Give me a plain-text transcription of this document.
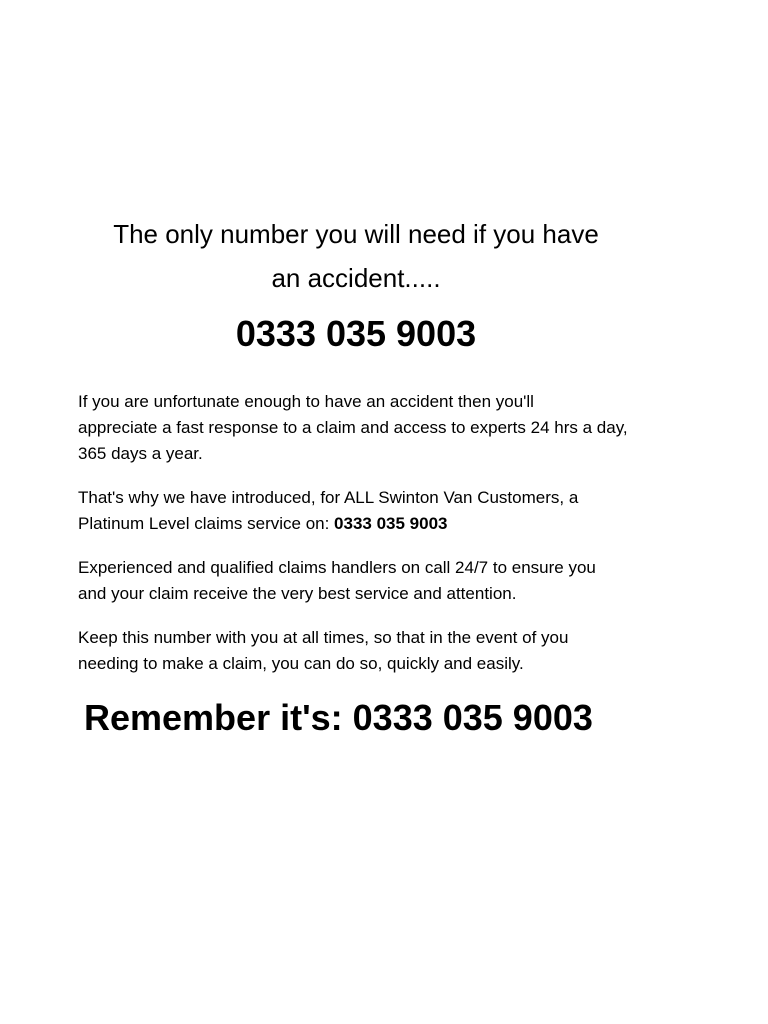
The only number you will need if you have
an accident.....
0333 035 9003

If you are unfortunate enough to have an accident then you'll
appreciate a fast response to a claim and access to experts 24 hrs a day,
365 days a year.

That's why we have introduced, for ALL Swinton Van Customers, a
Platinum Level claims service on: 0333 035 9003

Experienced and qualified claims handlers on call 24/7 to ensure you
and your claim receive the very best service and attention.

Keep this number with you at all times, so that in the event of you
needing to make a claim, you can do so, quickly and easily.

Remember it's: 0333 035 9003
